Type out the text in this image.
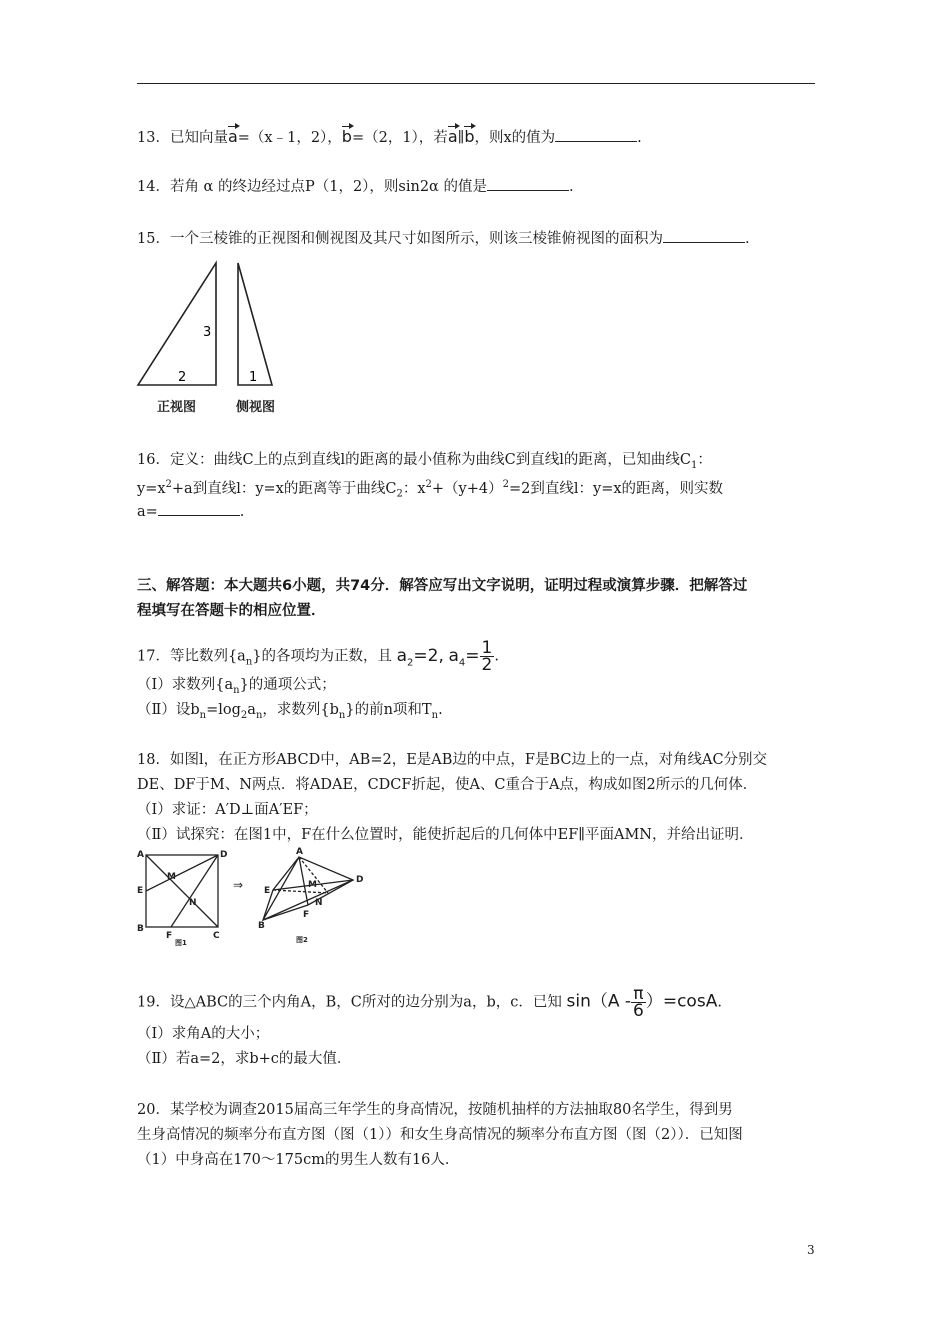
13．已知向量a=（x﹣1，2），b=（2，1），若a∥b，则x的值为	.
14．若角 α 的终边经过点P（1，2），则sin2α 的值是	.
15．一个三棱锥的正视图和侧视图及其尺寸如图所示，则该三棱锥俯视图的面积为	.
3
2	1
正视图	侧视图
16．定义：曲线C上的点到直线l的距离的最小值称为曲线C到直线l的距离，已知曲线$C_1$：
$y=x^2+a$到直线l：y=x的距离等于曲线$C_2$：$x^2+(y+4)^2=2$到直线l：y=x的距离，则实数
a=	.
三、解答题：本大题共6小题，共74分．解答应写出文字说明，证明过程或演算步骤．把解答过
程填写在答题卡的相应位置．
17．等比数列$\{a_n\}$的各项均为正数，且 $a_2=2$, $a_4= \frac{1}{2}$ .
（Ⅰ）求数列$\{a_n\}$的通项公式；
（Ⅱ）设$b_n=\log_2a_n$，求数列$\{b_n\}$的前n项和$T_n$.
18．如图l，在正方形ABCD中，AB=2，E是AB边的中点，F是BC边上的一点，对角线AC分别交
DE、DF于M、N两点．将ADAE，CDCF折起，使A、C重合于A点，构成如图2所示的几何体．
（I）求证：A′D⊥面A′EF；
（Ⅱ）试探究：在图1中，F在什么位置时，能使折起后的几何体中EF∥平面AMN，并给出证明．
A	D
E
M
N
B
F	C
图1
⇒
A
E
M
N
D
B
F
图2
19．设△ABC的三个内角A，B，C所对的边分别为a，b，c．已知 $\sin(A - \frac{\pi}{6} )=\cos A$.
（Ⅰ）求角A的大小；
（Ⅱ）若a=2，求b+c的最大值．
20．某学校为调查2015届高三年学生的身高情况，按随机抽样的方法抽取80名学生，得到男
生身高情况的频率分布直方图（图（1））和女生身高情况的频率分布直方图（图（2））．已知图
（1）中身高在170～175cm的男生人数有16人．
3
